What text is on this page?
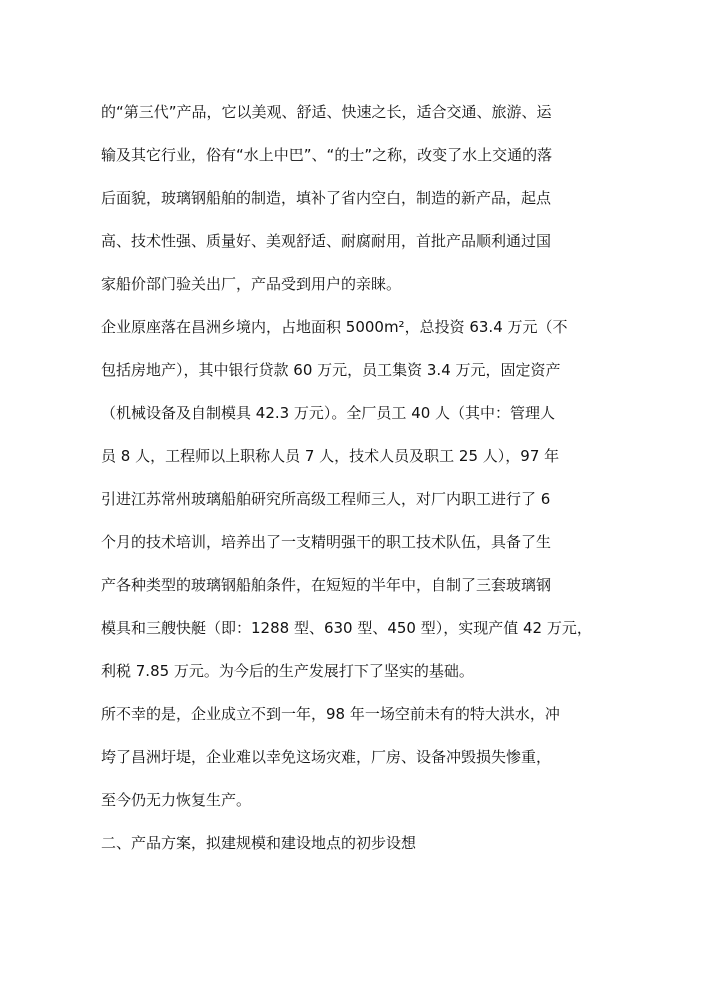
的“第三代”产品，它以美观、舒适、快速之长，适合交通、旅游、运
输及其它行业，俗有“水上中巴”、“的士”之称，改变了水上交通的落
后面貌，玻璃钢船舶的制造，填补了省内空白，制造的新产品，起点
高、技术性强、质量好、美观舒适、耐腐耐用，首批产品顺利通过国
家船价部门验关出厂，产品受到用户的亲睐。
企业原座落在昌洲乡境内，占地面积 5000m²，总投资 63.4 万元（不
包括房地产），其中银行贷款 60 万元，员工集资 3.4 万元，固定资产
（机械设备及自制模具 42.3 万元）。全厂员工 40 人（其中：管理人
员 8 人，工程师以上职称人员 7 人，技术人员及职工 25 人），97 年
引进江苏常州玻璃船舶研究所高级工程师三人，对厂内职工进行了 6
个月的技术培训，培养出了一支精明强干的职工技术队伍，具备了生
产各种类型的玻璃钢船舶条件，在短短的半年中，自制了三套玻璃钢
模具和三艘快艇（即：1288 型、630 型、450 型），实现产值 42 万元，
利税 7.85 万元。为今后的生产发展打下了坚实的基础。
所不幸的是，企业成立不到一年，98 年一场空前未有的特大洪水，冲
垮了昌洲圩堤，企业难以幸免这场灾难，厂房、设备冲毁损失惨重，
至今仍无力恢复生产。
二、产品方案，拟建规模和建设地点的初步设想
